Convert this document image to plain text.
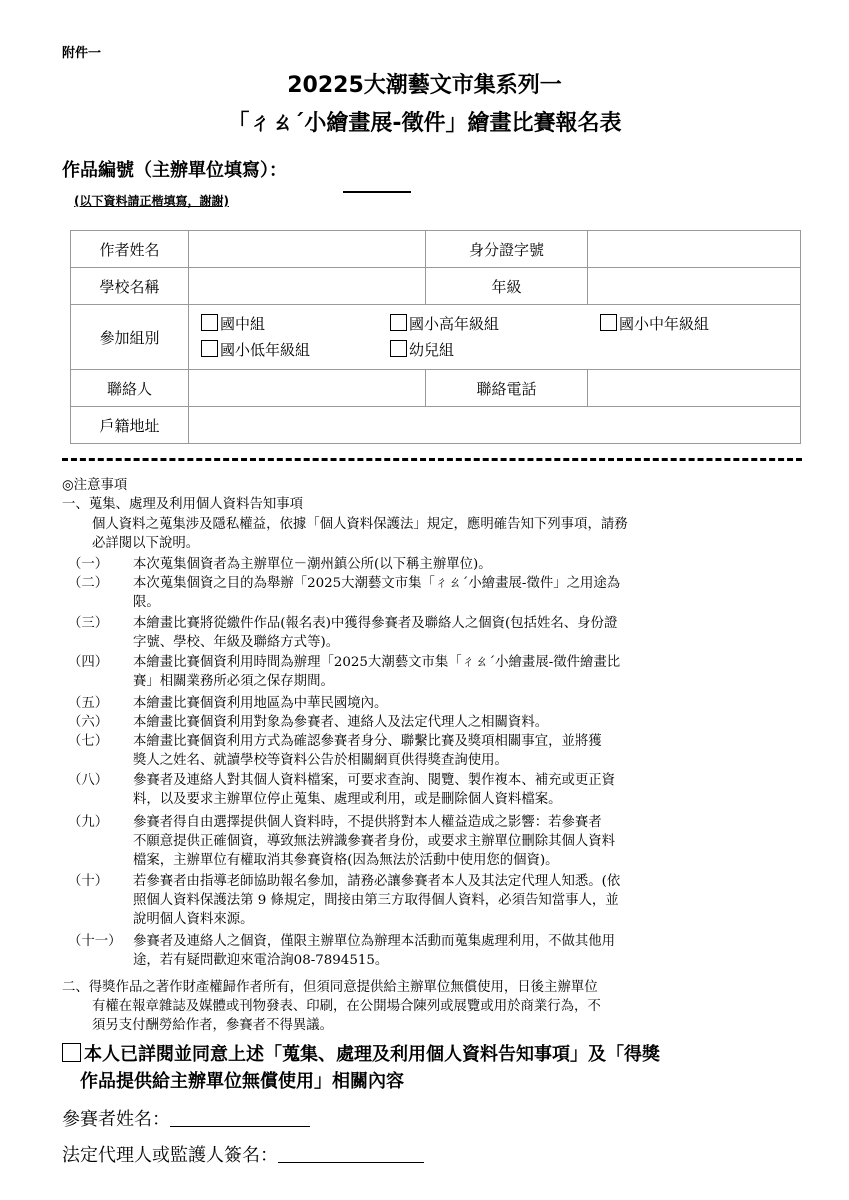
附件一
20225大潮藝文市集系列一
「ㄔㄠˊ小繪畫展-徵件」繪畫比賽報名表
作品編號（主辦單位填寫）：
(以下資料請正楷填寫，謝謝)
作者姓名		身分證字號	
學校名稱		年級	
參加組別	國中組 國小高年級組 國小中年級組
國小低年級組 幼兒組		

聯絡人		聯絡電話	
戶籍地址			
◎注意事項
一、蒐集、處理及利用個人資料告知事項
個人資料之蒐集涉及隱私權益，依據「個人資料保護法」規定，應明確告知下列事項，請務
必詳閱以下說明。
（一） 本次蒐集個資者為主辦單位－潮州鎮公所(以下稱主辦單位)。
（二） 本次蒐集個資之目的為舉辦「2025大潮藝文市集「ㄔㄠˊ小繪畫展-徵件」之用途為
限。
（三） 本繪畫比賽將從繳件作品(報名表)中獲得參賽者及聯絡人之個資(包括姓名、身份證
字號、學校、年級及聯絡方式等)。
（四） 本繪畫比賽個資利用時間為辦理「2025大潮藝文市集「ㄔㄠˊ小繪畫展-徵件繪畫比
賽」相關業務所必須之保存期間。
（五） 本繪畫比賽個資利用地區為中華民國境內。
（六） 本繪畫比賽個資利用對象為參賽者、連絡人及法定代理人之相關資料。
（七） 本繪畫比賽個資利用方式為確認參賽者身分、聯繫比賽及獎項相關事宜，並將獲
獎人之姓名、就讀學校等資料公告於相關網頁供得獎查詢使用。
（八） 參賽者及連絡人對其個人資料檔案，可要求查詢、閱覽、製作複本、補充或更正資
料，以及要求主辦單位停止蒐集、處理或利用，或是刪除個人資料檔案。
（九） 參賽者得自由選擇提供個人資料時，不提供將對本人權益造成之影響：若參賽者
不願意提供正確個資，導致無法辨識參賽者身份，或要求主辦單位刪除其個人資料
檔案，主辦單位有權取消其參賽資格(因為無法於活動中使用您的個資)。
（十） 若參賽者由指導老師協助報名參加，請務必讓參賽者本人及其法定代理人知悉。(依
照個人資料保護法第 9 條規定，間接由第三方取得個人資料，必須告知當事人，並
說明個人資料來源。
（十一） 參賽者及連絡人之個資，僅限主辦單位為辦理本活動而蒐集處理利用，不做其他用
途，若有疑問歡迎來電洽詢08-7894515。
二、得獎作品之著作財產權歸作者所有，但須同意提供給主辦單位無償使用，日後主辦單位
有權在報章雜誌及媒體或刊物發表、印刷，在公開場合陳列或展覽或用於商業行為，不
須另支付酬勞給作者，參賽者不得異議。
本人已詳閱並同意上述「蒐集、處理及利用個人資料告知事項」及「得獎
作品提供給主辦單位無償使用」相關內容
參賽者姓名：
法定代理人或監護人簽名：
